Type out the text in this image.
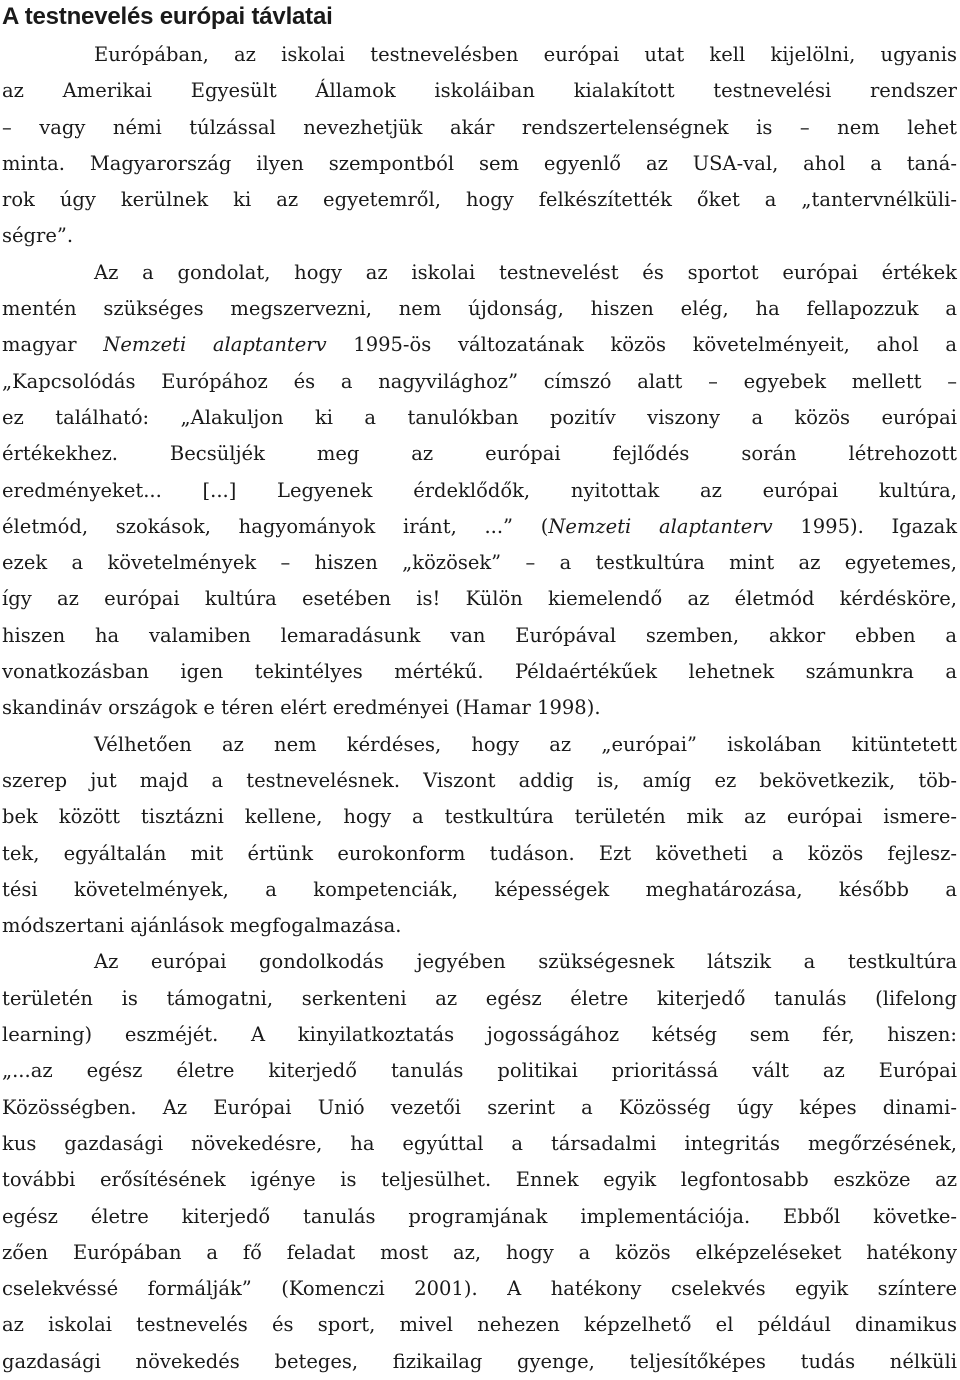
A testnevelés európai távlatai
Európában, az iskolai testnevelésben európai utat kell kijelölni, ugyanis
az Amerikai Egyesült Államok iskoláiban kialakított testnevelési rendszer
– vagy némi túlzással nevezhetjük akár rendszertelenségnek is – nem lehet
minta. Magyarország ilyen szempontból sem egyenlő az USA-val, ahol a taná-
rok úgy kerülnek ki az egyetemről, hogy felkészítették őket a „tantervnélküli-
ségre”.
Az a gondolat, hogy az iskolai testnevelést és sportot európai értékek
mentén szükséges megszervezni, nem újdonság, hiszen elég, ha fellapozzuk a
magyar Nemzeti alaptanterv 1995-ös változatának közös követelményeit, ahol a
„Kapcsolódás Európához és a nagyvilághoz” címszó alatt – egyebek mellett –
ez található: „Alakuljon ki a tanulókban pozitív viszony a közös európai
értékekhez. Becsüljék meg az európai fejlődés során létrehozott
eredményeket... [...] Legyenek érdeklődők, nyitottak az európai kultúra,
életmód, szokások, hagyományok iránt, ...” (Nemzeti alaptanterv 1995). Igazak
ezek a követelmények – hiszen „közösek” – a testkultúra mint az egyetemes,
így az európai kultúra esetében is! Külön kiemelendő az életmód kérdésköre,
hiszen ha valamiben lemaradásunk van Európával szemben, akkor ebben a
vonatkozásban igen tekintélyes mértékű. Példaértékűek lehetnek számunkra a
skandináv országok e téren elért eredményei (Hamar 1998).
Vélhetően az nem kérdéses, hogy az „európai” iskolában kitüntetett
szerep jut majd a testnevelésnek. Viszont addig is, amíg ez bekövetkezik, töb-
bek között tisztázni kellene, hogy a testkultúra területén mik az európai ismere-
tek, egyáltalán mit értünk eurokonform tudáson. Ezt követheti a közös fejlesz-
tési követelmények, a kompetenciák, képességek meghatározása, később a
módszertani ajánlások megfogalmazása.
Az európai gondolkodás jegyében szükségesnek látszik a testkultúra
területén is támogatni, serkenteni az egész életre kiterjedő tanulás (lifelong
learning) eszméjét. A kinyilatkoztatás jogosságához kétség sem fér, hiszen:
„...az egész életre kiterjedő tanulás politikai prioritássá vált az Európai
Közösségben. Az Európai Unió vezetői szerint a Közösség úgy képes dinami-
kus gazdasági növekedésre, ha egyúttal a társadalmi integritás megőrzésének,
további erősítésének igénye is teljesülhet. Ennek egyik legfontosabb eszköze az
egész életre kiterjedő tanulás programjának implementációja. Ebből követke-
zően Európában a fő feladat most az, hogy a közös elképzeléseket hatékony
cselekvéssé formálják” (Komenczi 2001). A hatékony cselekvés egyik színtere
az iskolai testnevelés és sport, mivel nehezen képzelhető el például dinamikus
gazdasági növekedés beteges, fizikailag gyenge, teljesítőképes tudás nélküli
